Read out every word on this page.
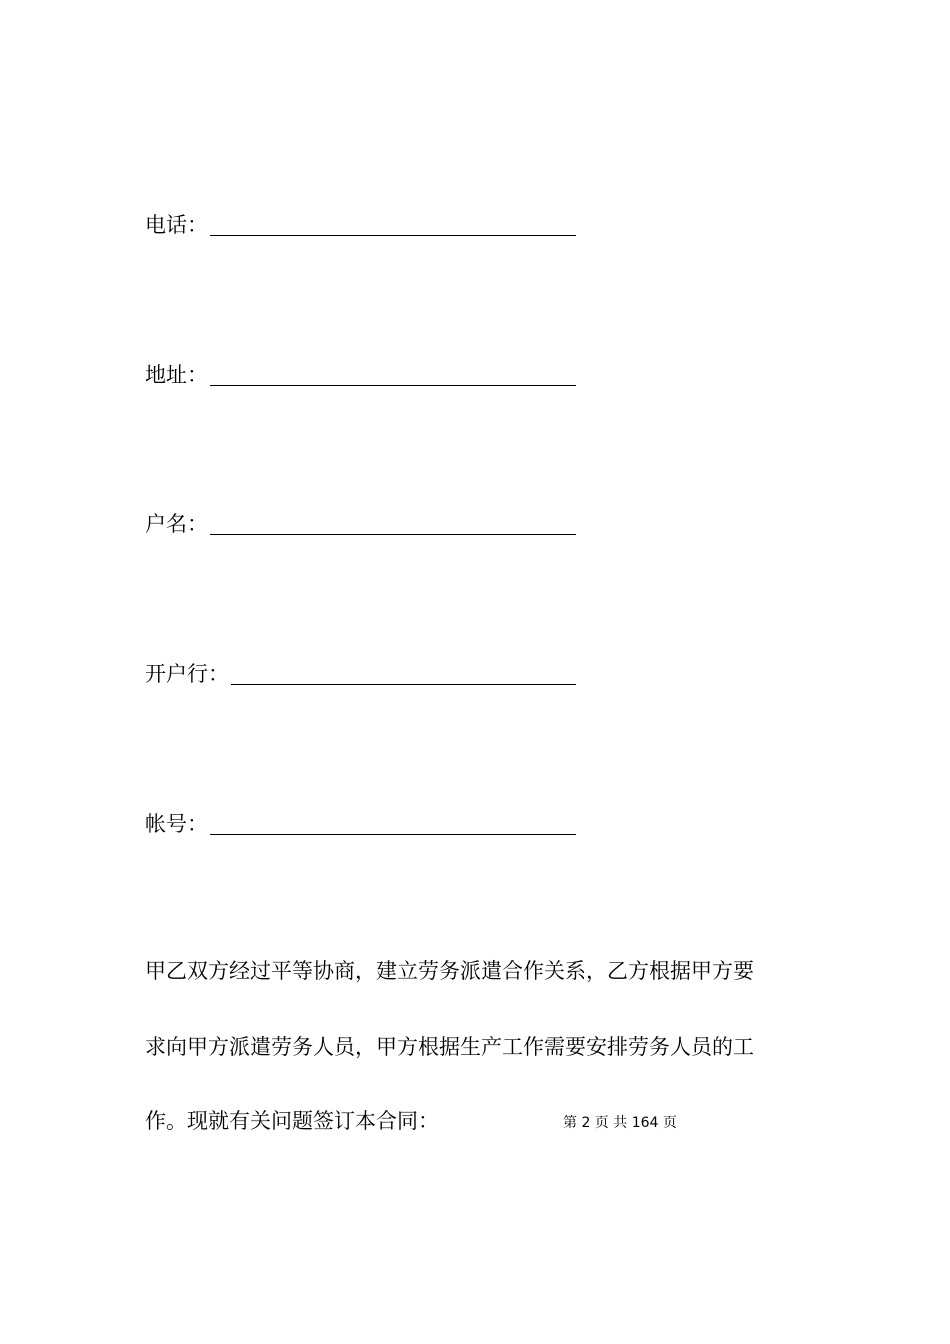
电话：
地址：
户名：
开户行：
帐号：
甲乙双方经过平等协商，建立劳务派遣合作关系，乙方根据甲方要
求向甲方派遣劳务人员，甲方根据生产工作需要安排劳务人员的工
作。现就有关问题签订本合同：	第 2 页 共 164 页
